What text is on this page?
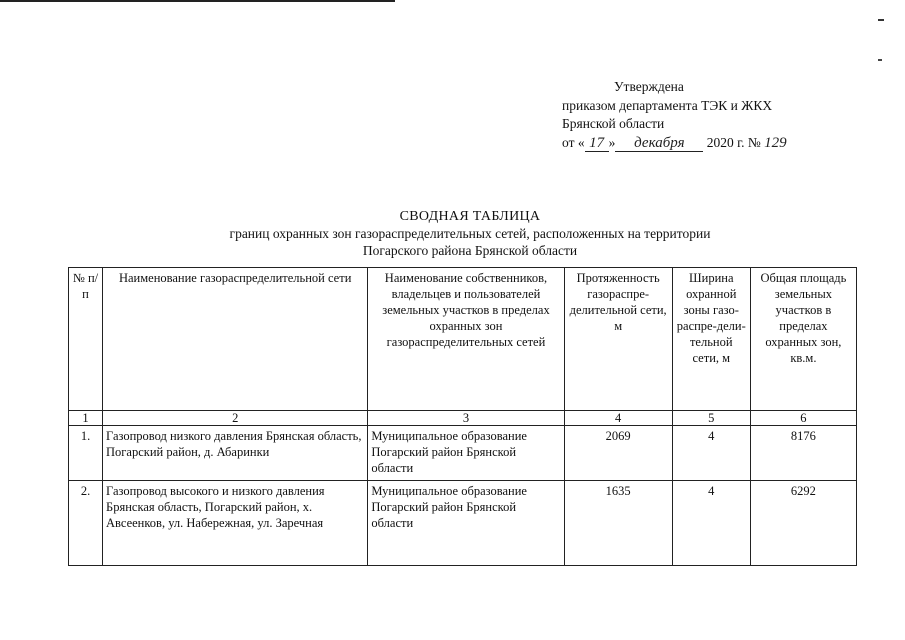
Утверждена
приказом департамента ТЭК и ЖКХ
Брянской области
от « 17 » декабря 2020 г. № 129
СВОДНАЯ ТАБЛИЦА
границ охранных зон газораспределительных сетей, расположенных на территории
Погарского района Брянской области
№ п/п	Наименование газораспределительной сети	Наименование собственников, владельцев и пользователей земельных участков в пределах охранных зон газораспределительных сетей	Протяженность газораспре-делительной сети, м	Ширина охранной зоны газо-распре-дели-тельной сети, м	Общая площадь земельных участков в пределах охранных зон, кв.м.
1	2	3	4	5	6
1.	Газопровод низкого давления Брянская область, Погарский район, д. Абаринки	Муниципальное образование Погарский район Брянской области	2069	4	8176
2.	Газопровод высокого и низкого давления Брянская область, Погарский район, х. Авсеенков, ул. Набережная, ул. Заречная	Муниципальное образование Погарский район Брянской области	1635	4	6292
